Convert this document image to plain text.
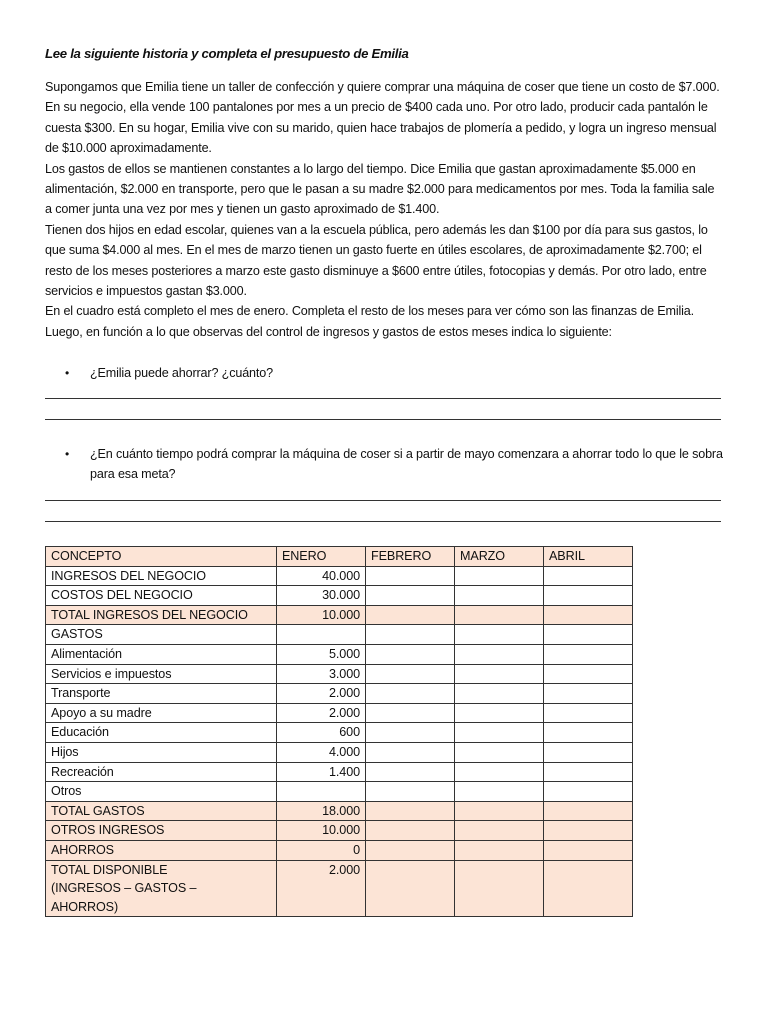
Lee la siguiente historia y completa el presupuesto de Emilia

Supongamos que Emilia tiene un taller de confección y quiere comprar una máquina de coser que tiene un costo de $7.000. En su negocio, ella vende 100 pantalones por mes a un precio de $400 cada uno. Por otro lado, producir cada pantalón le cuesta $300. En su hogar, Emilia vive con su marido, quien hace trabajos de plomería a pedido, y logra un ingreso mensual de $10.000 aproximadamente.

Los gastos de ellos se mantienen constantes a lo largo del tiempo. Dice Emilia que gastan aproximadamente $5.000 en alimentación, $2.000 en transporte, pero que le pasan a su madre $2.000 para medicamentos por mes. Toda la familia sale a comer junta una vez por mes y tienen un gasto aproximado de $1.400.

Tienen dos hijos en edad escolar, quienes van a la escuela pública, pero además les dan $100 por día para sus gastos, lo que suma $4.000 al mes. En el mes de marzo tienen un gasto fuerte en útiles escolares, de aproximadamente $2.700; el resto de los meses posteriores a marzo este gasto disminuye a $600 entre útiles, fotocopias y demás. Por otro lado, entre servicios e impuestos gastan $3.000.

En el cuadro está completo el mes de enero. Completa el resto de los meses para ver cómo son las finanzas de Emilia. Luego, en función a lo que observas del control de ingresos y gastos de estos meses indica lo siguiente:

• ¿Emilia puede ahorrar? ¿cuánto?
• ¿En cuánto tiempo podrá comprar la máquina de coser si a partir de mayo comenzara a ahorrar todo lo que le sobra para esa meta?
CONCEPTO	ENERO	FEBRERO	MARZO	ABRIL
INGRESOS DEL NEGOCIO	40.000			
COSTOS DEL NEGOCIO	30.000			
TOTAL INGRESOS DEL NEGOCIO	10.000			
GASTOS				
Alimentación	5.000			
Servicios e impuestos	3.000			
Transporte	2.000			
Apoyo a su madre	2.000			
Educación	600			
Hijos	4.000			
Recreación	1.400			
Otros				
TOTAL GASTOS	18.000			
OTROS INGRESOS	10.000			
AHORROS	0			

TOTAL DISPONIBLE
(INGRESOS – GASTOS –
AHORROS)	2.000			
